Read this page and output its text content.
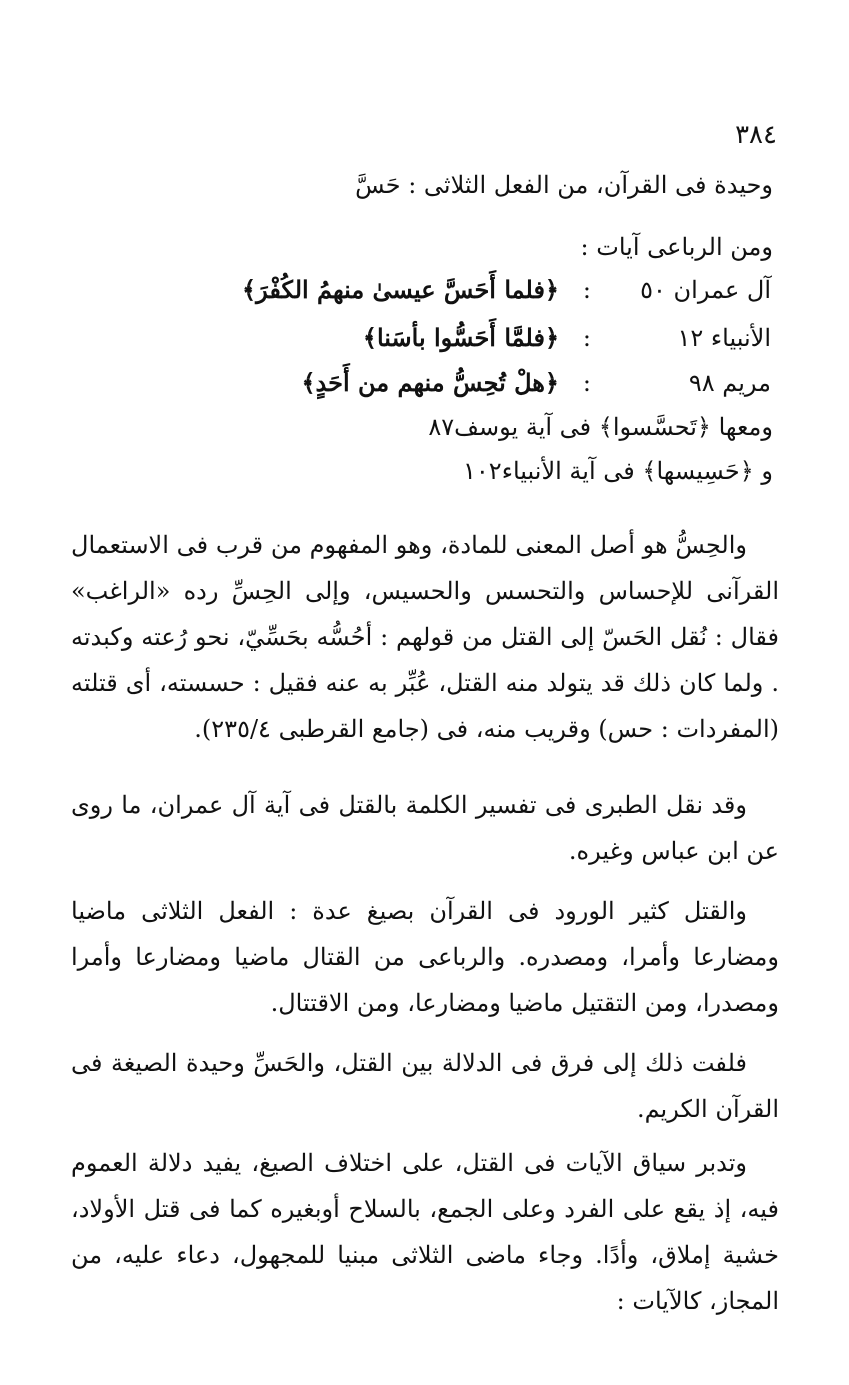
٣٨٤
وحيدة فى القرآن، من الفعل الثلاثى : حَسَّ
ومن الرباعى آيات :
آل عمران ٥٠
:
﴿فلما أَحَسَّ عيسىٰ منهمُ الكُفْرَ﴾
الأنبياء ١٢
:
﴿فلمَّا أَحَسُّوا بأسَنا﴾
مريم ٩٨
:
﴿هلْ تُحِسُّ منهم من أَحَدٍ﴾
ومعها ﴿تَحسَّسوا﴾ فى آية يوسف٨٧
و ﴿حَسِيسها﴾ فى آية الأنبياء١٠٢
والحِسُّ هو أصل المعنى للمادة، وهو المفهوم من قرب فى الاستعمال القرآنى للإحساس والتحسس والحسيس، وإلى الحِسِّ رده «الراغب» فقال : نُقل الحَسّ إلى القتل من قولهم : أحُسُّه بحَسِّيّ، نحو رُعته وكبدته . ولما كان ذلك قد يتولد منه القتل، عُبِّر به عنه فقيل : حسسته، أى قتلته (المفردات : حس) وقريب منه، فى (جامع القرطبى ٢٣٥/٤).
وقد نقل الطبرى فى تفسير الكلمة بالقتل فى آية آل عمران، ما روى عن ابن عباس وغيره.
والقتل كثير الورود فى القرآن بصيغ عدة : الفعل الثلاثى ماضيا ومضارعا وأمرا، ومصدره. والرباعى من القتال ماضيا ومضارعا وأمرا ومصدرا، ومن التقتيل ماضيا ومضارعا، ومن الاقتتال.
فلفت ذلك إلى فرق فى الدلالة بين القتل، والحَسِّ وحيدة الصيغة فى القرآن الكريم.
وتدبر سياق الآيات فى القتل، على اختلاف الصيغ، يفيد دلالة العموم فيه، إذ يقع على الفرد وعلى الجمع، بالسلاح أوبغيره كما فى قتل الأولاد، خشية إملاق، وأدًا. وجاء ماضى الثلاثى مبنيا للمجهول، دعاء عليه، من المجاز، كالآيات :
